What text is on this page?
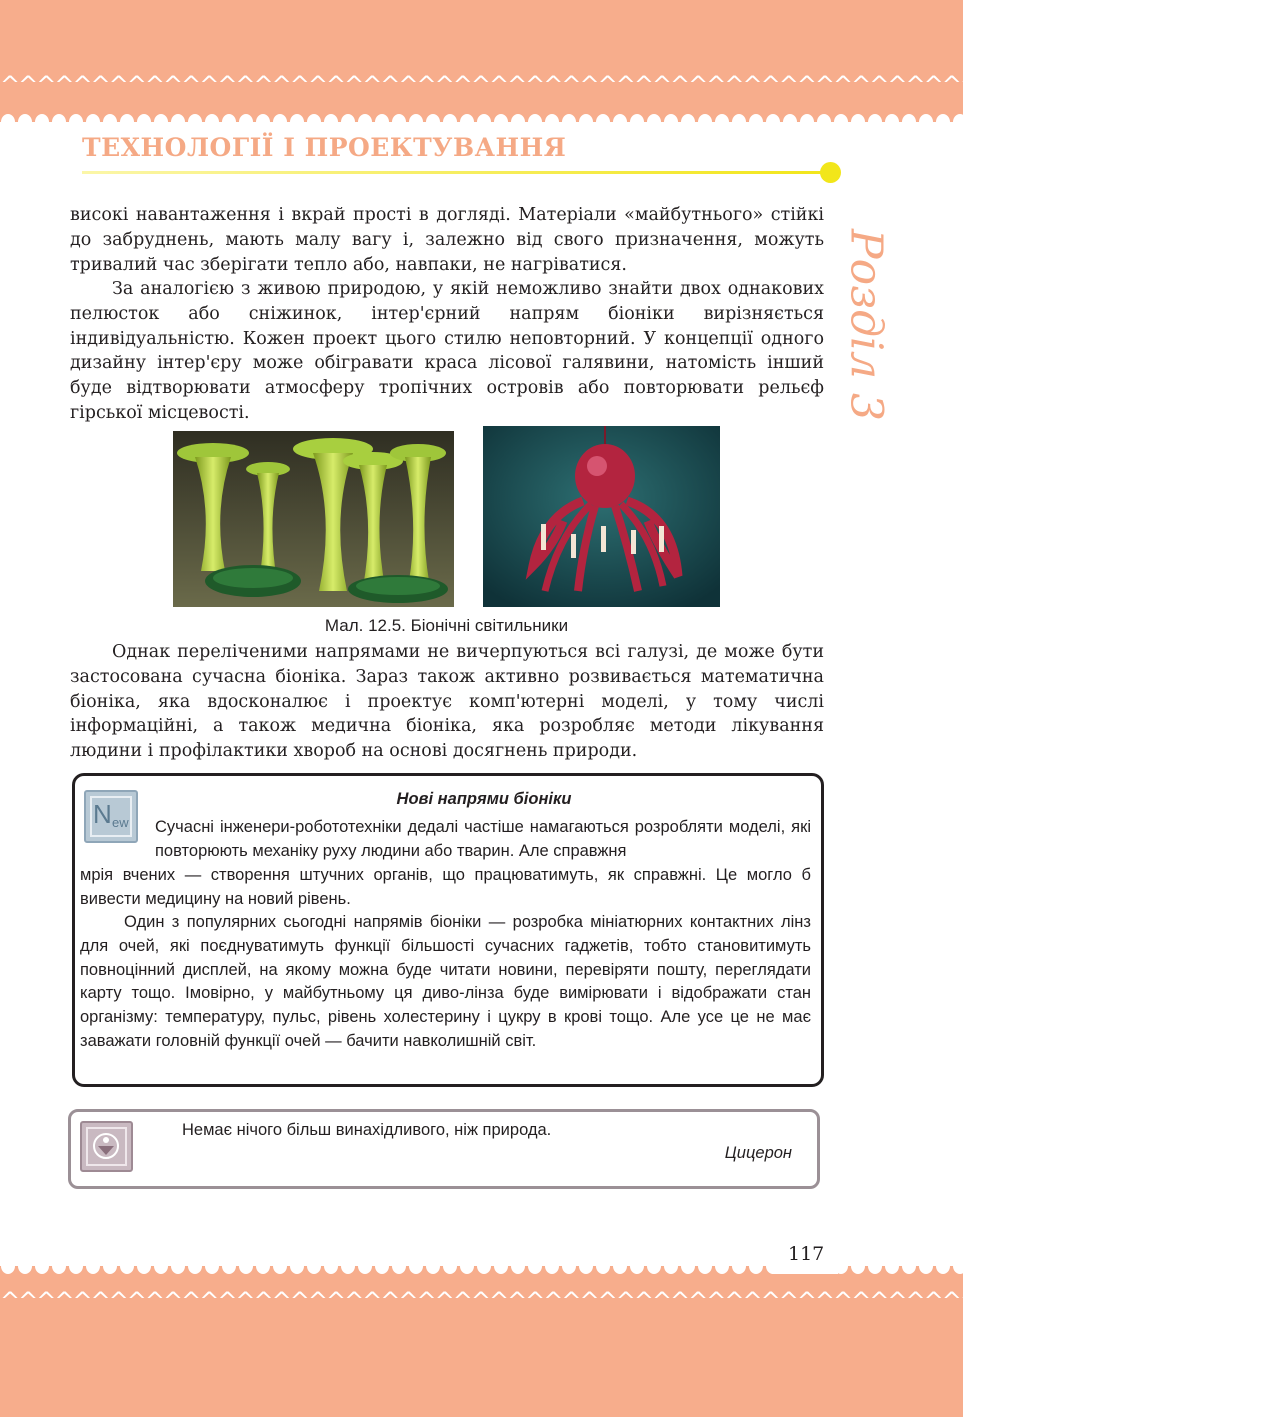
^^^^^^^^^^^^^^^^^^^^^^^^^^^^^^^^^^^^^^^^^^^^^^^^^^^^^^^^^^^^^^^^^^^^^^
ТЕХНОЛОГІЇ І ПРОЕКТУВАННЯ
Розділ 3

високі навантаження і вкрай прості в догляді. Матеріали «майбутнього» стійкі до забруднень, мають малу вагу і, залежно від свого призначення, можуть тривалий час зберігати тепло або, навпаки, не нагріватися.

За аналогією з живою природою, у якій неможливо знайти двох однакових пелюсток або сніжинок, інтер'єрний напрям біоніки вирізняється індивідуальністю. Кожен проект цього стилю неповторний. У концепції одного дизайну інтер'єру може обігравати краса лісової галявини, натомість інший буде відтворювати атмосферу тропічних островів або повторювати рельєф гірської місцевості.

Мал. 12.5. Біонічні світильники

Однак переліченими напрямами не вичерпуються всі галузі, де може бути застосована сучасна біоніка. Зараз також активно розвивається математична біоніка, яка вдосконалює і проектує комп'ютерні моделі, у тому числі інформаційні, а також медична біоніка, яка розробляє методи лікування людини і профілактики хвороб на основі досягнень природи.

N ew
Нові напрями біоніки

Сучасні інженери-робототехніки дедалі частіше намагаються розробляти моделі, які повторюють механіку руху людини або тварин. Але справжня

мрія вчених — створення штучних органів, що працюватимуть, як справжні. Це могло б вивести медицину на новий рівень.

Один з популярних сьогодні напрямів біоніки — розробка мініатюрних контактних лінз для очей, які поєднуватимуть функції більшості сучасних гаджетів, тобто становитимуть повноцінний дисплей, на якому можна буде читати новини, перевіряти пошту, переглядати карту тощо. Імовірно, у майбутньому ця диво-лінза буде вимірювати і відображати стан організму: температуру, пульс, рівень холестерину і цукру в крові тощо. Але усе це не має заважати головній функції очей — бачити навколишній світ.

Немає нічого більш винахідливого, ніж природа.
Цицерон
^^^^^^^^^^^^^^^^^^^^^^^^^^^^^^^^^^^^^^^^^^^^^^^^^^^^^^^^^^^^^^^^^^^^^^
117
